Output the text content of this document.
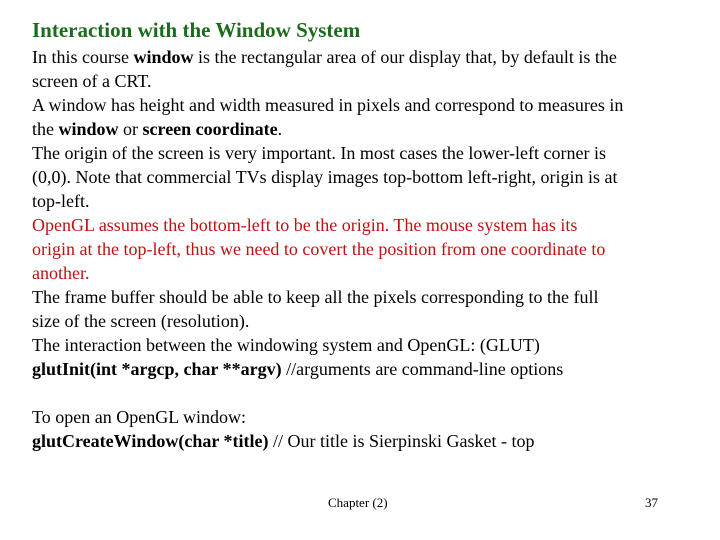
Interaction with the Window System
In this course window is the rectangular area of our display that, by default is the
screen of a CRT.
A window has height and width measured in pixels and correspond to measures in
the window or screen coordinate.
The origin of the screen is very important. In most cases the lower-left corner is
(0,0). Note that commercial TVs display images top-bottom left-right, origin is at
top-left.
OpenGL assumes the bottom-left to be the origin. The mouse system has its
origin at the top-left, thus we need to covert the position from one coordinate to
another.
The frame buffer should be able to keep all the pixels corresponding to the full
size of the screen (resolution).
The interaction between the windowing system and OpenGL: (GLUT)
glutInit(int *argcp, char **argv) //arguments are command-line options
To open an OpenGL window:
glutCreateWindow(char *title) // Our title is Sierpinski Gasket - top
Chapter (2)	37
